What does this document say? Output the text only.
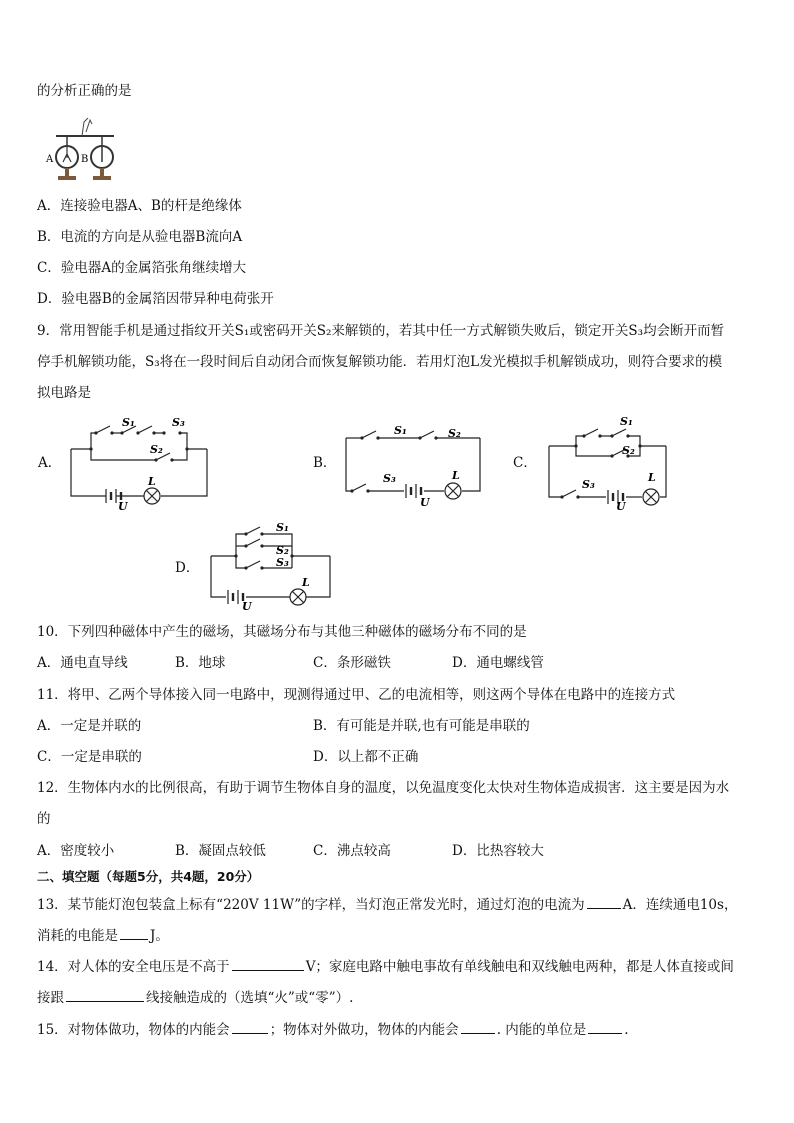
的分析正确的是
A	B
A．连接验电器A、B的杆是绝缘体
B．电流的方向是从验电器B流向A
C．验电器A的金属箔张角继续增大
D．验电器B的金属箔因带异种电荷张开
9．常用智能手机是通过指纹开关S₁或密码开关S₂来解锁的，若其中任一方式解锁失败后，锁定开关S₃均会断开而暂
停手机解锁功能，S₃将在一段时间后自动闭合而恢复解锁功能．若用灯泡L发光模拟手机解锁成功，则符合要求的模
拟电路是
A．
S₁	S₃
S₂
L
U
B．
S₁	S₂
S₃	L
U
C．
S₁
S₂
S₃
L
U
D．
S₁
S₂
S₃
L
U
10．下列四种磁体中产生的磁场，其磁场分布与其他三种磁体的磁场分布不同的是
A．通电直导线	B．地球	C．条形磁铁	D．通电螺线管
11．将甲、乙两个导体接入同一电路中，现测得通过甲、乙的电流相等，则这两个导体在电路中的连接方式
A．一定是并联的	B．有可能是并联,也有可能是串联的
C．一定是串联的	D．以上都不正确
12．生物体内水的比例很高，有助于调节生物体自身的温度，以免温度变化太快对生物体造成损害．这主要是因为水
的
A．密度较小	B．凝固点较低	C．沸点较高	D．比热容较大
二、填空题（每题5分，共4题，20分）
13．某节能灯泡包装盒上标有“220V 11W”的字样，当灯泡正常发光时，通过灯泡的电流为	A．连续通电10s，
消耗的电能是 J。
14．对人体的安全电压是不高于	V；家庭电路中触电事故有单线触电和双线触电两种，都是人体直接或间
接跟	线接触造成的（选填“火”或“零”）.
15．对物体做功，物体的内能会	；物体对外做功，物体的内能会	. 内能的单位是	.
